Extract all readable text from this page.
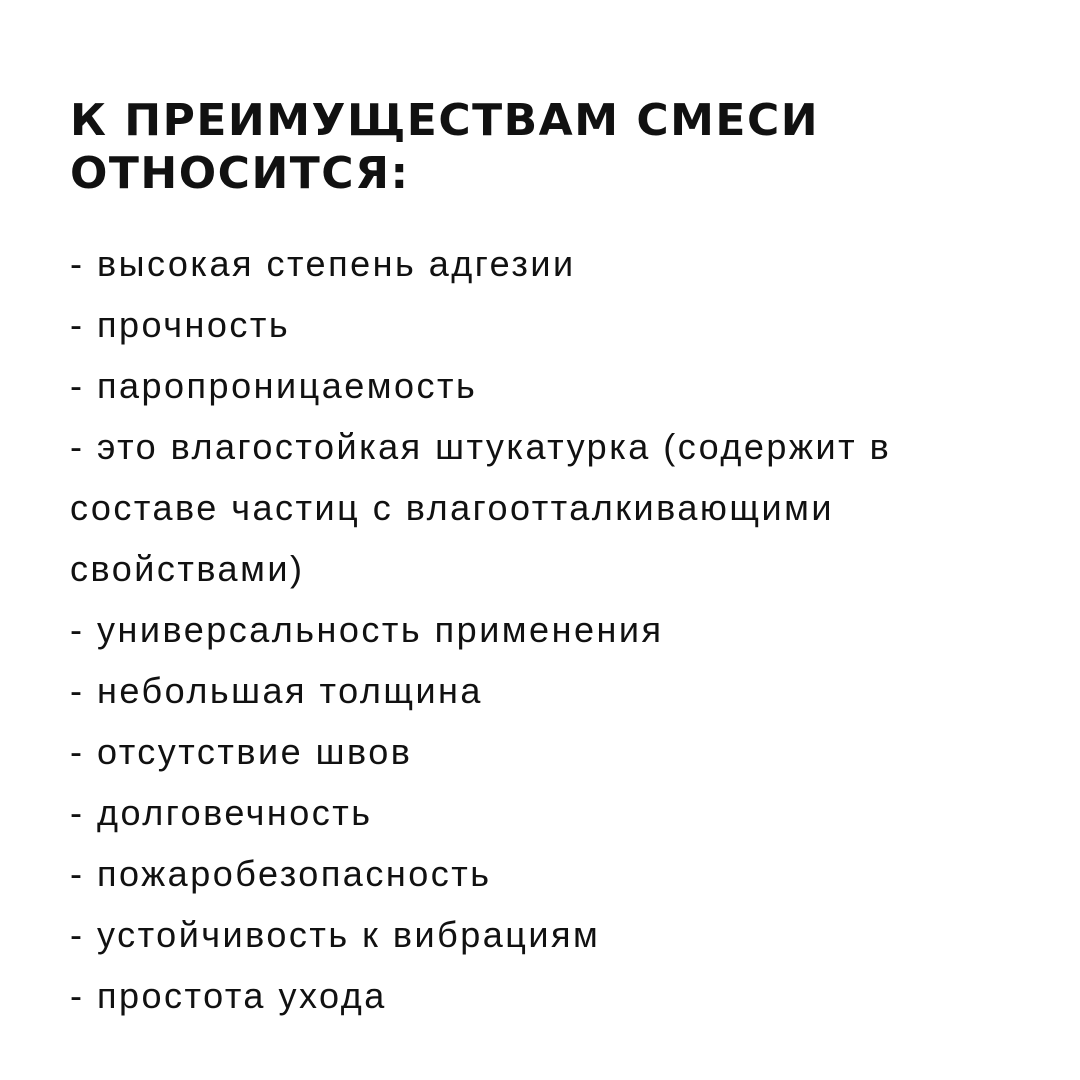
К ПРЕИМУЩЕСТВАМ СМЕСИ
ОТНОСИТСЯ:
- высокая степень адгезии
- прочность
- паропроницаемость
- это влагостойкая штукатурка (содержит в
составе частиц с влагоотталкивающими
свойствами)
- универсальность применения
- небольшая толщина
- отсутствие швов
- долговечность
- пожаробезопасность
- устойчивость к вибрациям
- простота ухода
